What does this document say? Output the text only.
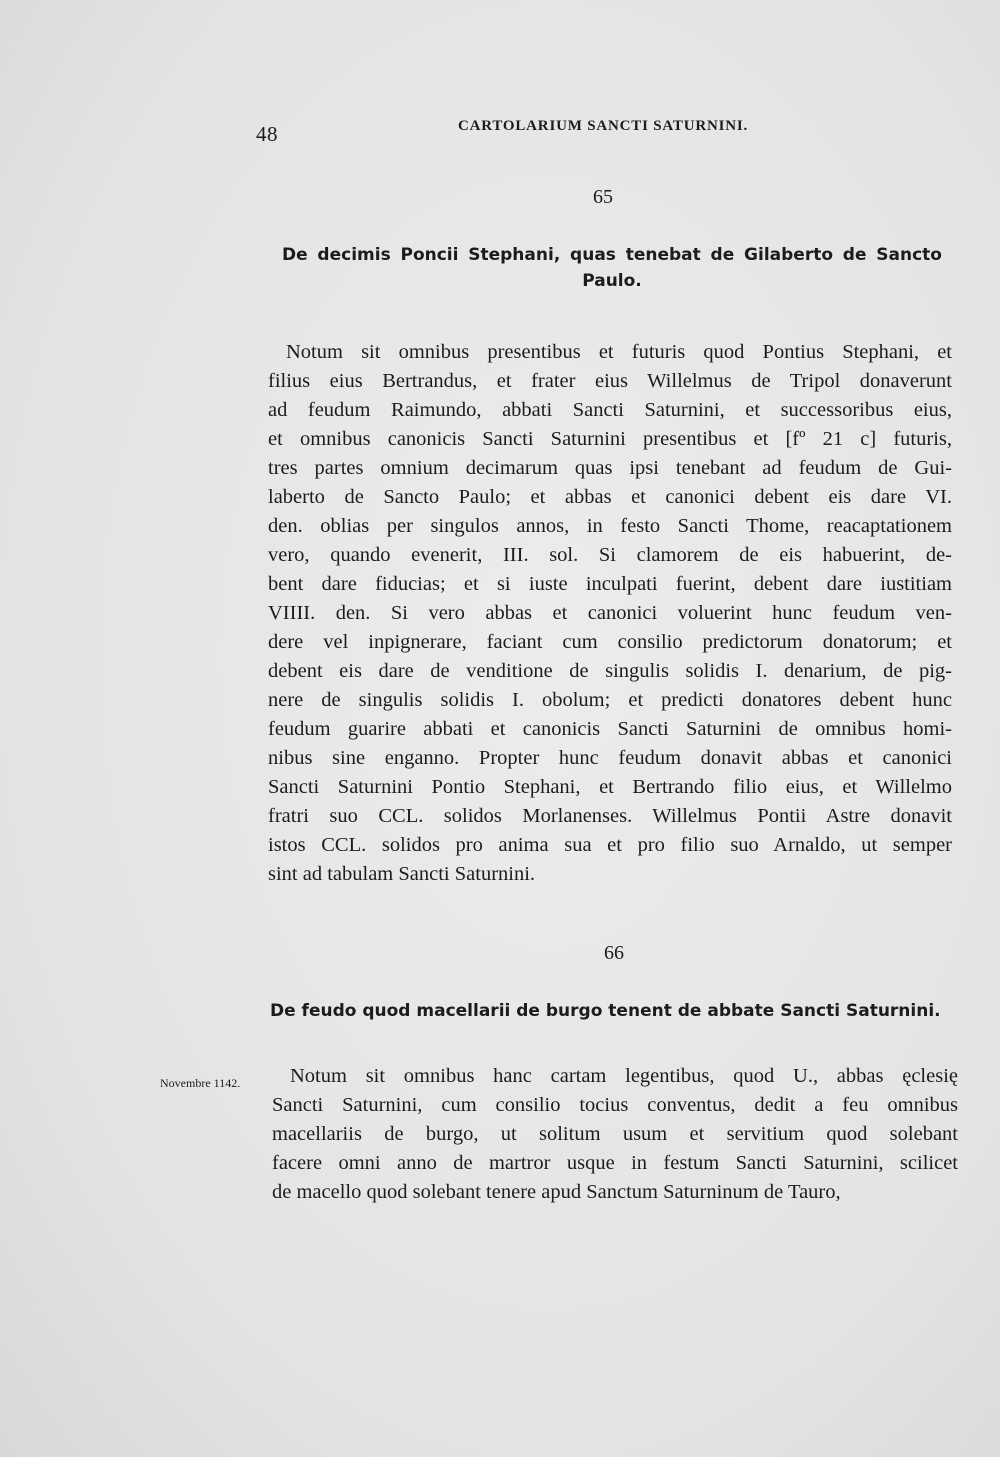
48	CARTOLARIUM SANCTI SATURNINI.
65
De decimis Poncii Stephani, quas tenebat de Gilaberto de Sancto
Paulo.
Notum sit omnibus presentibus et futuris quod Pontius Stephani, et
filius eius Bertrandus, et frater eius Willelmus de Tripol donaverunt
ad feudum Raimundo, abbati Sancti Saturnini, et successoribus eius,
et omnibus canonicis Sancti Saturnini presentibus et [fº 21 c] futuris,
tres partes omnium decimarum quas ipsi tenebant ad feudum de Gui-
laberto de Sancto Paulo; et abbas et canonici debent eis dare VI.
den. oblias per singulos annos, in festo Sancti Thome, reacaptationem
vero, quando evenerit, III. sol. Si clamorem de eis habuerint, de-
bent dare fiducias; et si iuste inculpati fuerint, debent dare iustitiam
VIIII. den. Si vero abbas et canonici voluerint hunc feudum ven-
dere vel inpignerare, faciant cum consilio predictorum donatorum; et
debent eis dare de venditione de singulis solidis I. denarium, de pig-
nere de singulis solidis I. obolum; et predicti donatores debent hunc
feudum guarire abbati et canonicis Sancti Saturnini de omnibus homi-
nibus sine enganno. Propter hunc feudum donavit abbas et canonici
Sancti Saturnini Pontio Stephani, et Bertrando filio eius, et Willelmo
fratri suo CCL. solidos Morlanenses. Willelmus Pontii Astre donavit
istos CCL. solidos pro anima sua et pro filio suo Arnaldo, ut semper
sint ad tabulam Sancti Saturnini.
66
De feudo quod macellarii de burgo tenent de abbate Sancti Saturnini.
Novembre 1142.	Notum sit omnibus hanc cartam legentibus, quod U., abbas ęclesię
Sancti Saturnini, cum consilio tocius conventus, dedit a feu omnibus
macellariis de burgo, ut solitum usum et servitium quod solebant
facere omni anno de martror usque in festum Sancti Saturnini, scilicet
de macello quod solebant tenere apud Sanctum Saturninum de Tauro,
